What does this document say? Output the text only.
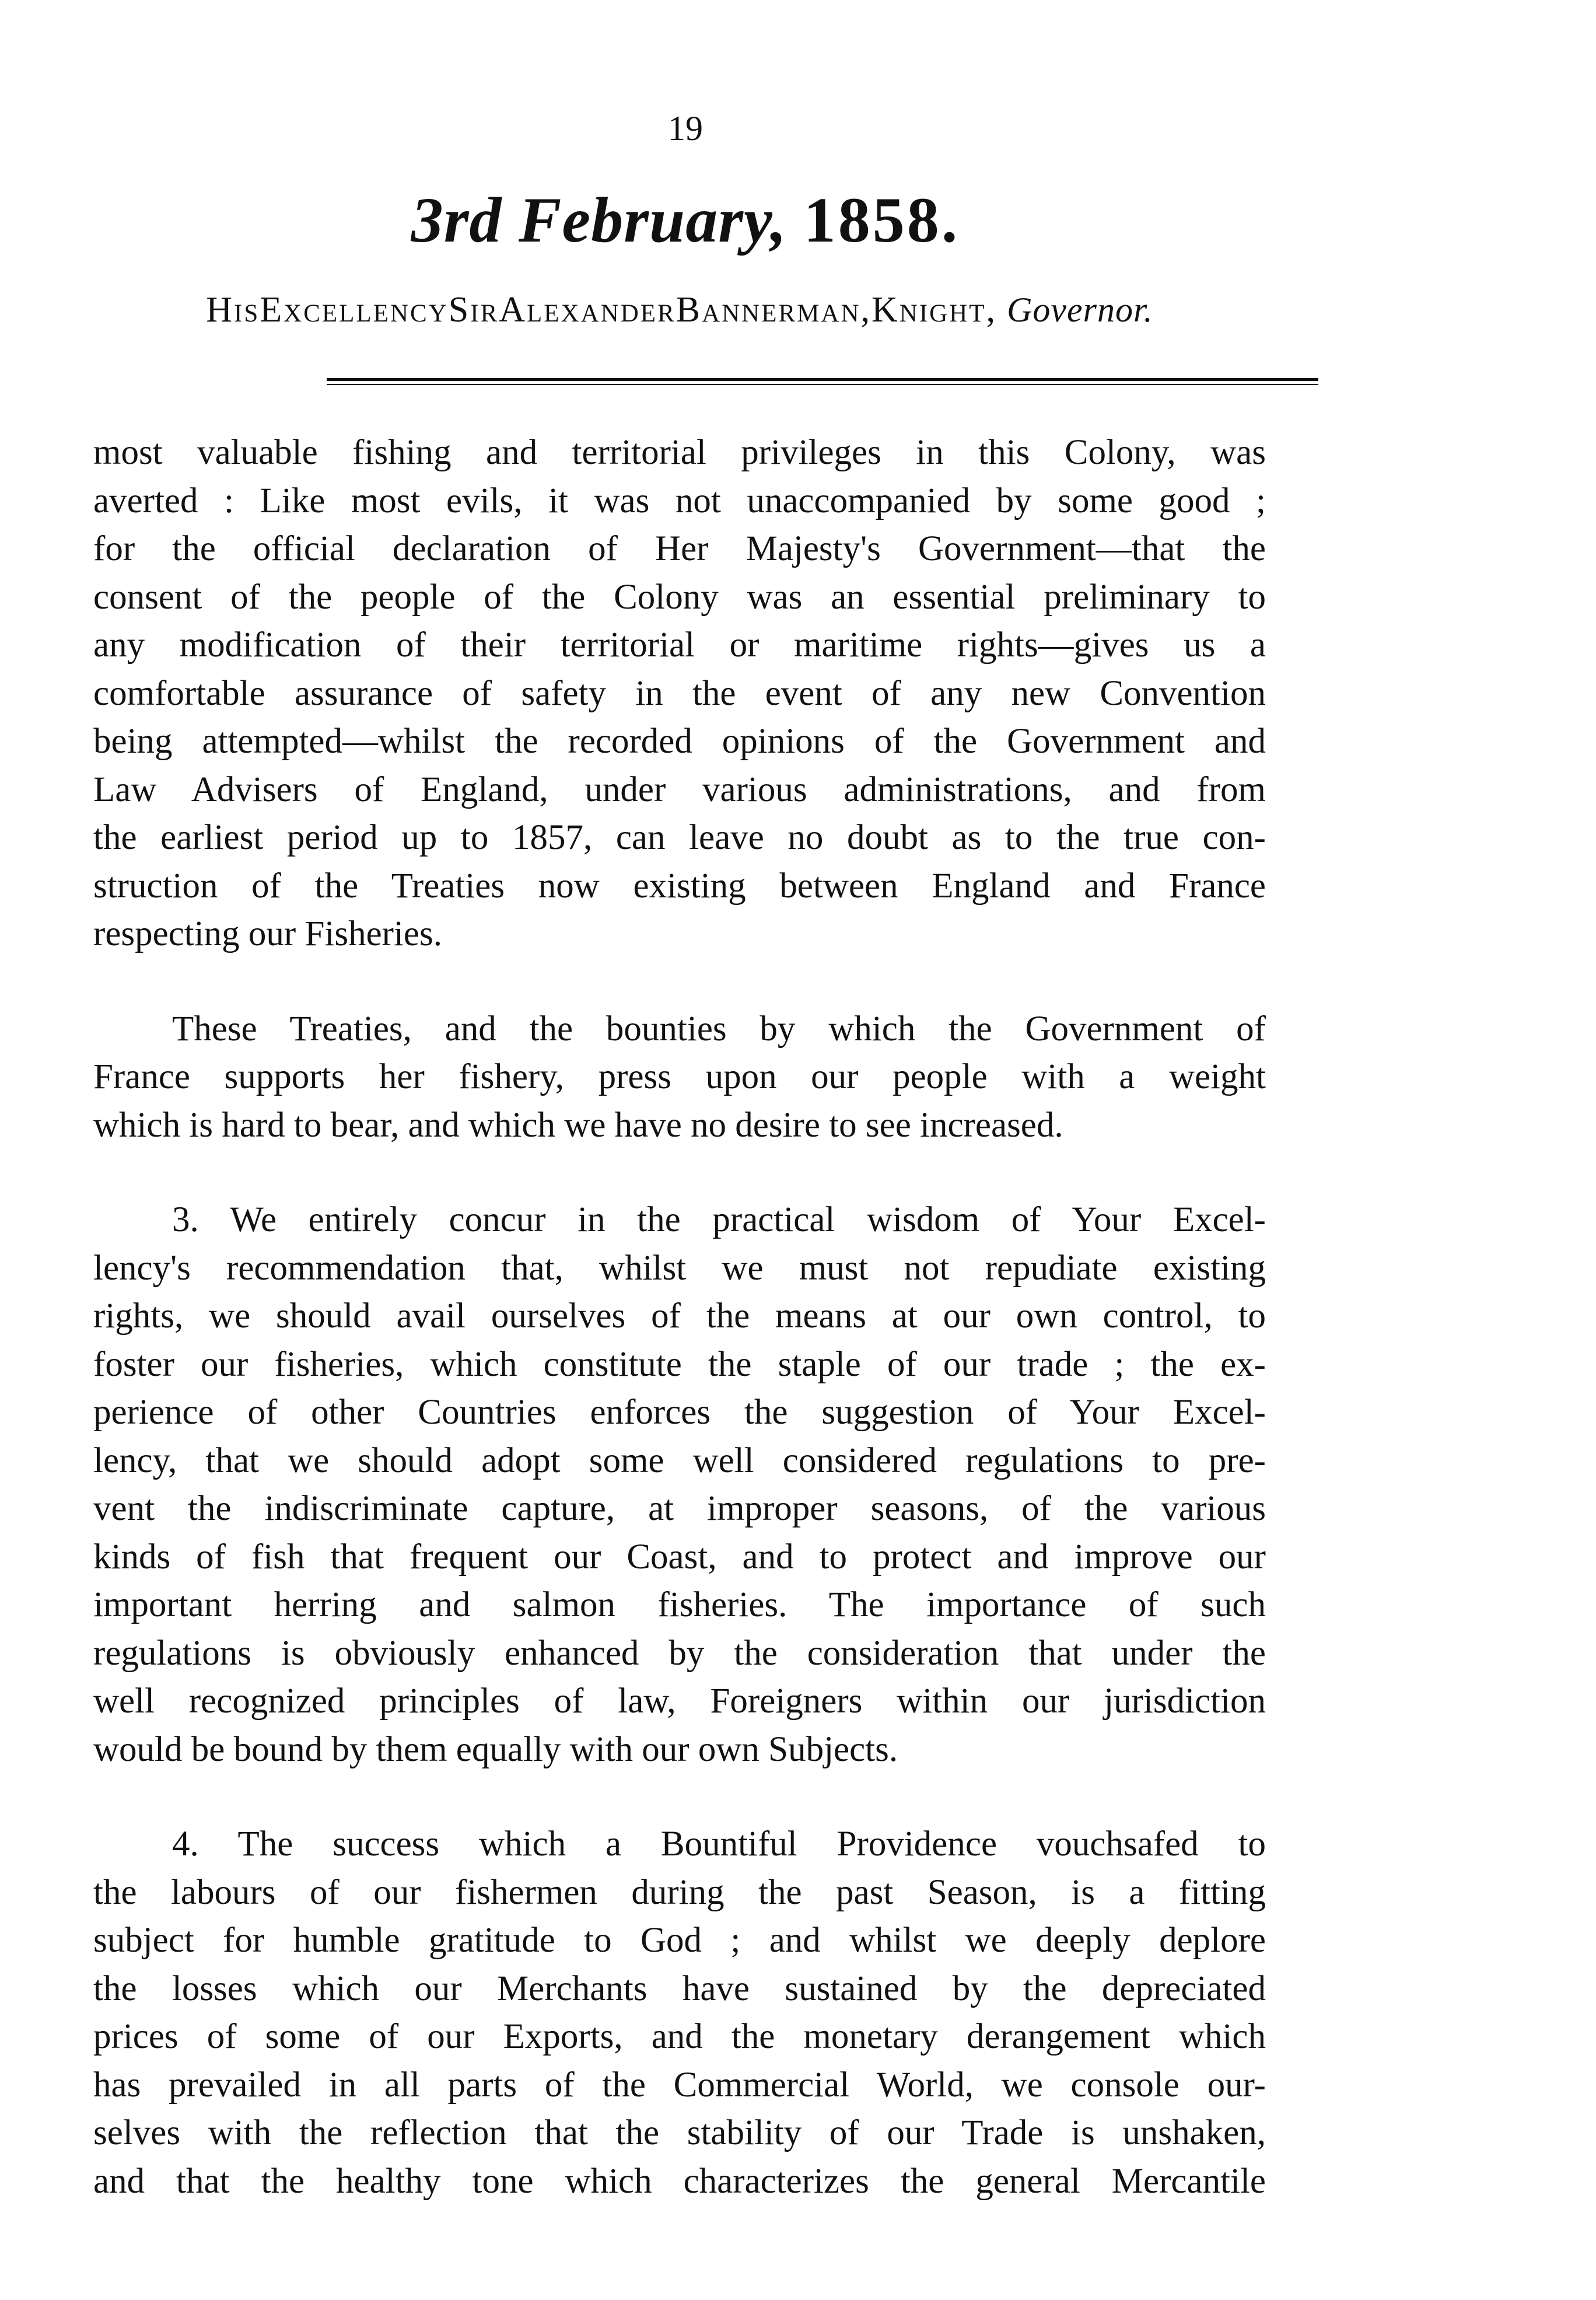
19
3rd February, 1858.
HisExcellencySirAlexanderBannerman,Knight, Governor.

most valuable fishing and territorial privileges in this Colony, was
averted : Like most evils, it was not unaccompanied by some good ;
for the official declaration of Her Majesty's Government—that the
consent of the people of the Colony was an essential preliminary to
any modification of their territorial or maritime rights—gives us a
comfortable assurance of safety in the event of any new Convention
being attempted—whilst the recorded opinions of the Government and
Law Advisers of England, under various administrations, and from
the earliest period up to 1857, can leave no doubt as to the true con-
struction of the Treaties now existing between England and France
respecting our Fisheries.

These Treaties, and the bounties by which the Government of
France supports her fishery, press upon our people with a weight
which is hard to bear, and which we have no desire to see increased.

3. We entirely concur in the practical wisdom of Your Excel-
lency's recommendation that, whilst we must not repudiate existing
rights, we should avail ourselves of the means at our own control, to
foster our fisheries, which constitute the staple of our trade ; the ex-
perience of other Countries enforces the suggestion of Your Excel-
lency, that we should adopt some well considered regulations to pre-
vent the indiscriminate capture, at improper seasons, of the various
kinds of fish that frequent our Coast, and to protect and improve our
important herring and salmon fisheries. The importance of such
regulations is obviously enhanced by the consideration that under the
well recognized principles of law, Foreigners within our jurisdiction
would be bound by them equally with our own Subjects.

4. The success which a Bountiful Providence vouchsafed to
the labours of our fishermen during the past Season, is a fitting
subject for humble gratitude to God ; and whilst we deeply deplore
the losses which our Merchants have sustained by the depreciated
prices of some of our Exports, and the monetary derangement which
has prevailed in all parts of the Commercial World, we console our-
selves with the reflection that the stability of our Trade is unshaken,
and that the healthy tone which characterizes the general Mercantile
